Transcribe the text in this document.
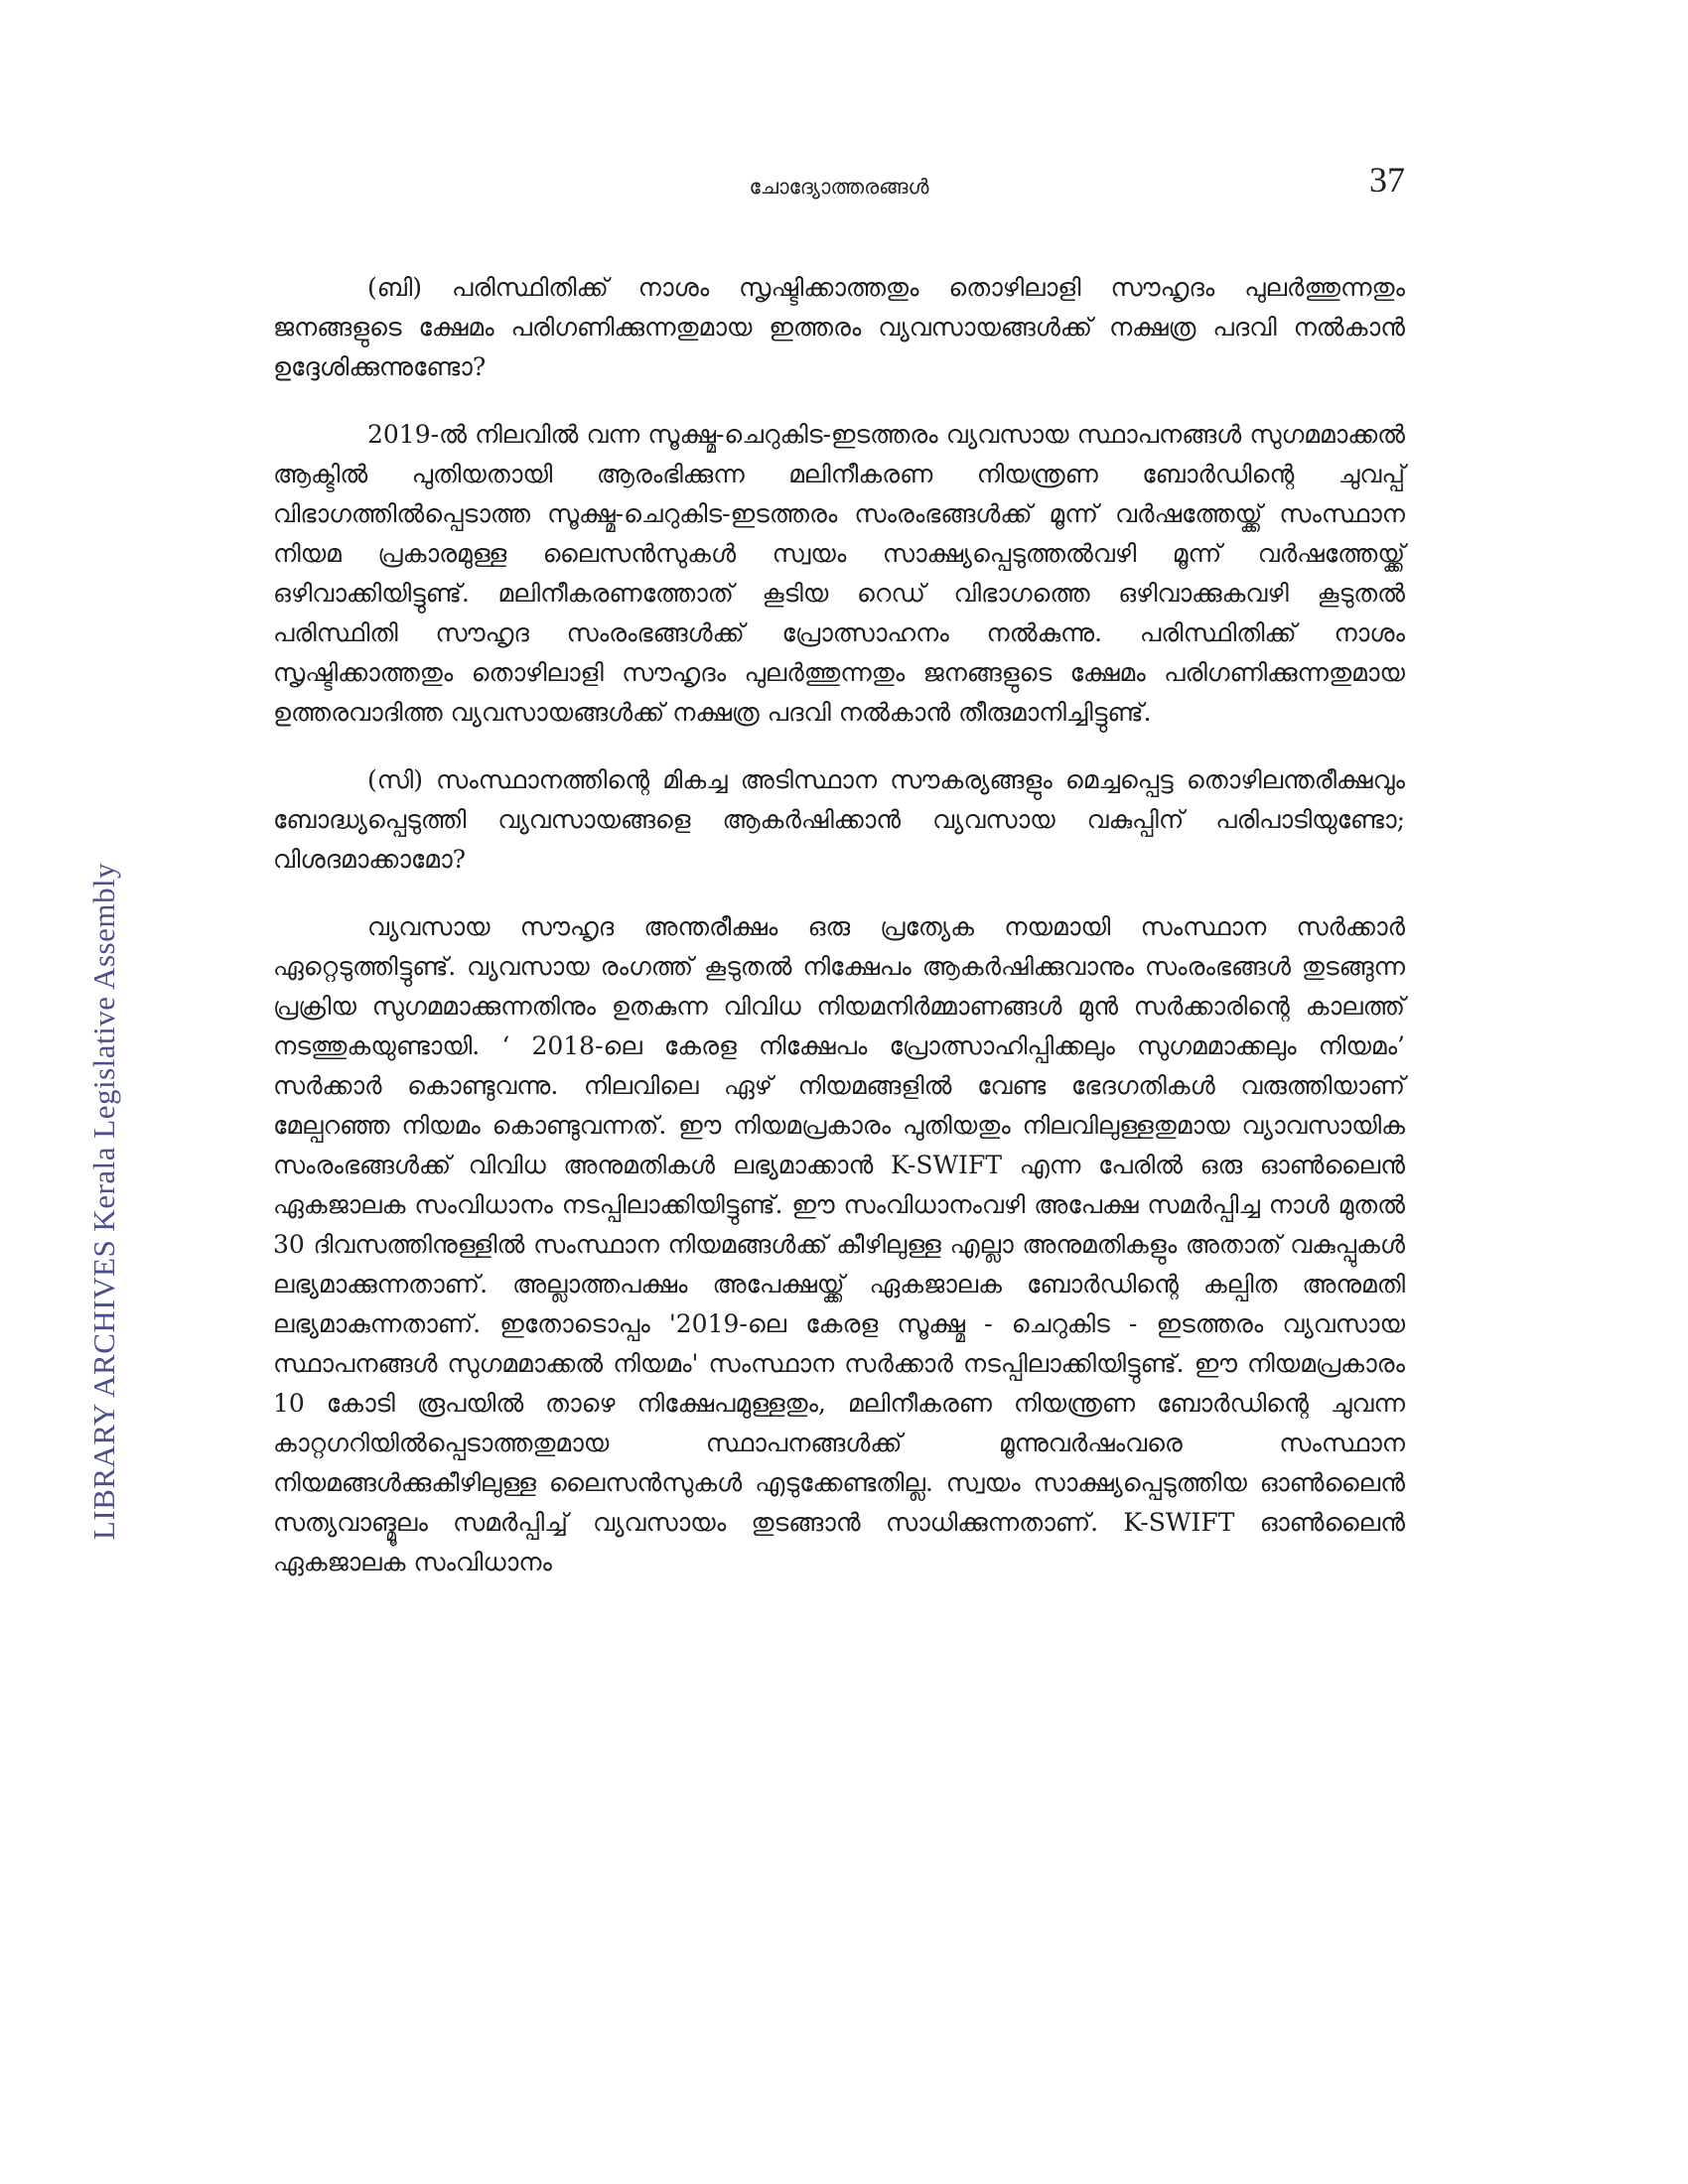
LIBRARY ARCHIVES Kerala Legislative Assembly
ചോദ്യോത്തരങ്ങൾ	37

(ബി) പരിസ്ഥിതിക്ക് നാശം സൃഷ്ടിക്കാത്തതും തൊഴിലാളി സൗഹൃദം പുലർത്തുന്നതും ജനങ്ങളുടെ ക്ഷേമം പരിഗണിക്കുന്നതുമായ ഇത്തരം വ്യവസായങ്ങൾക്ക് നക്ഷത്ര പദവി നൽകാൻ ഉദ്ദേശിക്കുന്നുണ്ടോ?

2019-ൽ നിലവിൽ വന്ന സൂക്ഷ്മ-ചെറുകിട-ഇടത്തരം വ്യവസായ സ്ഥാപനങ്ങൾ സുഗമമാക്കൽ ആക്ടിൽ പുതിയതായി ആരംഭിക്കുന്ന മലിനീകരണ നിയന്ത്രണ ബോർഡിന്റെ ചുവപ്പ് വിഭാഗത്തിൽപ്പെടാത്ത സൂക്ഷ്മ-ചെറുകിട-ഇടത്തരം സംരംഭങ്ങൾക്ക് മൂന്ന് വർഷത്തേയ്ക്ക് സംസ്ഥാന നിയമ പ്രകാരമുള്ള ലൈസൻസുകൾ സ്വയം സാക്ഷ്യപ്പെടുത്തൽവഴി മൂന്ന് വർഷത്തേയ്ക്ക് ഒഴിവാക്കിയിട്ടുണ്ട്. മലിനീകരണത്തോത് കൂടിയ റെഡ് വിഭാഗത്തെ ഒഴിവാക്കുകവഴി കൂടുതൽ പരിസ്ഥിതി സൗഹൃദ സംരംഭങ്ങൾക്ക് പ്രോത്സാഹനം നൽകുന്നു. പരിസ്ഥിതിക്ക് നാശം സൃഷ്ടിക്കാത്തതും തൊഴിലാളി സൗഹൃദം പുലർത്തുന്നതും ജനങ്ങളുടെ ക്ഷേമം പരിഗണിക്കുന്നതുമായ ഉത്തരവാദിത്ത വ്യവസായങ്ങൾക്ക് നക്ഷത്ര പദവി നൽകാൻ തീരുമാനിച്ചിട്ടുണ്ട്.

(സി) സംസ്ഥാനത്തിന്റെ മികച്ച അടിസ്ഥാന സൗകര്യങ്ങളും മെച്ചപ്പെട്ട തൊഴിലന്തരീക്ഷവും ബോദ്ധ്യപ്പെടുത്തി വ്യവസായങ്ങളെ ആകർഷിക്കാൻ വ്യവസായ വകുപ്പിന് പരിപാടിയുണ്ടോ; വിശദമാക്കാമോ?

വ്യവസായ സൗഹൃദ അന്തരീക്ഷം ഒരു പ്രത്യേക നയമായി സംസ്ഥാന സർക്കാർ ഏറ്റെടുത്തിട്ടുണ്ട്. വ്യവസായ രംഗത്ത് കൂടുതൽ നിക്ഷേപം ആകർഷിക്കുവാനും സംരംഭങ്ങൾ തുടങ്ങുന്ന പ്രക്രിയ സുഗമമാക്കുന്നതിനും ഉതകുന്ന വിവിധ നിയമനിർമ്മാണങ്ങൾ മുൻ സർക്കാരിന്റെ കാലത്ത് നടത്തുകയുണ്ടായി. ‘ 2018-ലെ കേരള നിക്ഷേപം പ്രോത്സാഹിപ്പിക്കലും സുഗമമാക്കലും നിയമം’ സർക്കാർ കൊണ്ടുവന്നു. നിലവിലെ ഏഴ് നിയമങ്ങളിൽ വേണ്ട ഭേദഗതികൾ വരുത്തിയാണ് മേല്പറഞ്ഞ നിയമം കൊണ്ടുവന്നത്. ഈ നിയമപ്രകാരം പുതിയതും നിലവിലുള്ളതുമായ വ്യാവസായിക സംരംഭങ്ങൾക്ക് വിവിധ അനുമതികൾ ലഭ്യമാക്കാൻ K-SWIFT എന്ന പേരിൽ ഒരു ഓൺലൈൻ ഏകജാലക സംവിധാനം നടപ്പിലാക്കിയിട്ടുണ്ട്. ഈ സംവിധാനംവഴി അപേക്ഷ സമർപ്പിച്ച നാൾ മുതൽ 30 ദിവസത്തിനുള്ളിൽ സംസ്ഥാന നിയമങ്ങൾക്ക് കീഴിലുള്ള എല്ലാ അനുമതികളും അതാത് വകുപ്പുകൾ ലഭ്യമാക്കുന്നതാണ്. അല്ലാത്തപക്ഷം അപേക്ഷയ്ക്ക് ഏകജാലക ബോർഡിന്റെ കല്പിത അനുമതി ലഭ്യമാകുന്നതാണ്. ഇതോടൊപ്പം '2019-ലെ കേരള സൂക്ഷ്മ - ചെറുകിട - ഇടത്തരം വ്യവസായ സ്ഥാപനങ്ങൾ സുഗമമാക്കൽ നിയമം' സംസ്ഥാന സർക്കാർ നടപ്പിലാക്കിയിട്ടുണ്ട്. ഈ നിയമപ്രകാരം 10 കോടി രൂപയിൽ താഴെ നിക്ഷേപമുള്ളതും, മലിനീകരണ നിയന്ത്രണ ബോർഡിന്റെ ചുവന്ന കാറ്റഗറിയിൽപ്പെടാത്തതുമായ സ്ഥാപനങ്ങൾക്ക് മൂന്നുവർഷംവരെ സംസ്ഥാന നിയമങ്ങൾക്കുകീഴിലുള്ള ലൈസൻസുകൾ എടുക്കേണ്ടതില്ല. സ്വയം സാക്ഷ്യപ്പെടുത്തിയ ഓൺലൈൻ സത്യവാങ്മൂലം സമർപ്പിച്ച് വ്യവസായം തുടങ്ങാൻ സാധിക്കുന്നതാണ്. K-SWIFT ഓൺലൈൻ ഏകജാലക സംവിധാനം
